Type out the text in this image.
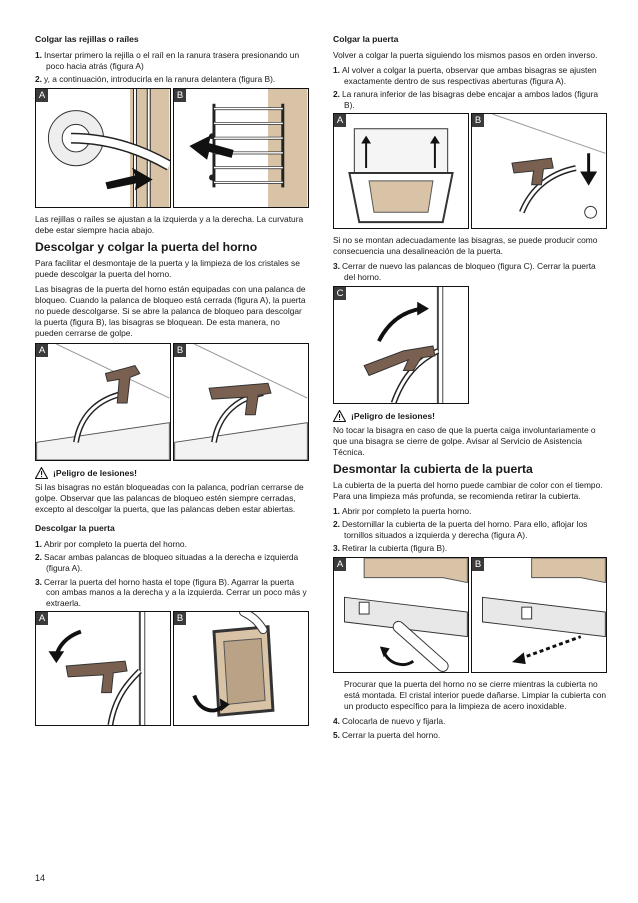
Colgar las rejillas o raíles
1. Insertar primero la rejilla o el raíl en la ranura trasera presionando un poco hacia atrás (figura A)
2. y, a continuación, introducirla en la ranura delantera (figura B).
A	B
Las rejillas o raíles se ajustan a la izquierda y a la derecha. La curvatura debe estar siempre hacia abajo.
Descolgar y colgar la puerta del horno
Para facilitar el desmontaje de la puerta y la limpieza de los cristales se puede descolgar la puerta del horno.
Las bisagras de la puerta del horno están equipadas con una palanca de bloqueo. Cuando la palanca de bloqueo está cerrada (figura A), la puerta no puede descolgarse. Si se abre la palanca de bloqueo para descolgar la puerta (figura B), las bisagras se bloquean. De esta manera, no pueden cerrarse de golpe.
A	B
¡Peligro de lesiones!
Si las bisagras no están bloqueadas con la palanca, podrían cerrarse de golpe. Observar que las palancas de bloqueo estén siempre cerradas, excepto al descolgar la puerta, que las palancas deben estar abiertas.
Descolgar la puerta
1. Abrir por completo la puerta del horno.
2. Sacar ambas palancas de bloqueo situadas a la derecha e izquierda (figura A).
3. Cerrar la puerta del horno hasta el tope (figura B). Agarrar la puerta con ambas manos a la derecha y a la izquierda. Cerrar un poco más y extraerla.
A	B
Colgar la puerta
Volver a colgar la puerta siguiendo los mismos pasos en orden inverso.
1. Al volver a colgar la puerta, observar que ambas bisagras se ajusten exactamente dentro de sus respectivas aberturas (figura A).
2. La ranura inferior de las bisagras debe encajar a ambos lados (figura B).
A	B
Si no se montan adecuadamente las bisagras, se puede producir como consecuencia una desalineación de la puerta.
3. Cerrar de nuevo las palancas de bloqueo (figura C). Cerrar la puerta del horno.
C
¡Peligro de lesiones!
No tocar la bisagra en caso de que la puerta caiga involuntariamente o que una bisagra se cierre de golpe. Avisar al Servicio de Asistencia Técnica.
Desmontar la cubierta de la puerta
La cubierta de la puerta del horno puede cambiar de color con el tiempo. Para una limpieza más profunda, se recomienda retirar la cubierta.
1. Abrir por completo la puerta horno.
2. Destornillar la cubierta de la puerta del horno. Para ello, aflojar los tornillos situados a izquierda y derecha (figura A).
3. Retirar la cubierta (figura B).
A	B
Procurar que la puerta del horno no se cierre mientras la cubierta no está montada. El cristal interior puede dañarse. Limpiar la cubierta con un producto específico para la limpieza de acero inoxidable.
4. Colocarla de nuevo y fijarla.
5. Cerrar la puerta del horno.
14
